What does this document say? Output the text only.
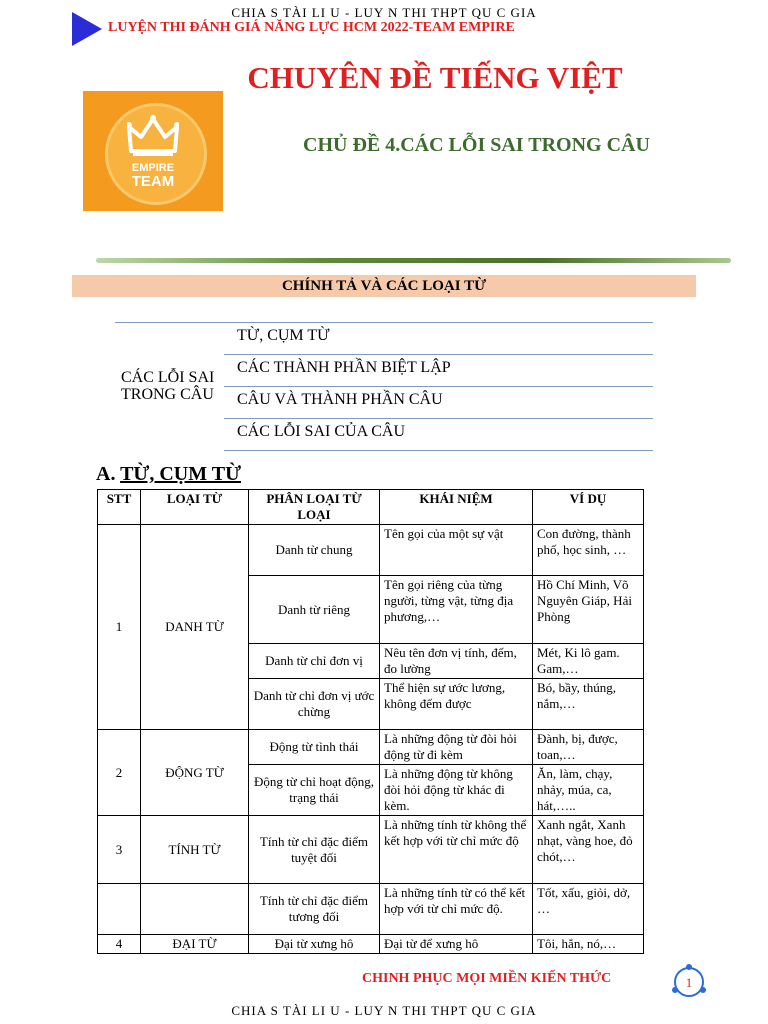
CHIA S TÀI LI U - LUY N THI THPT QU C GIA
LUYỆN THI ĐÁNH GIÁ NĂNG LỰC HCM 2022-TEAM EMPIRE
CHUYÊN ĐỀ TIẾNG VIỆT
EMPIRE
TEAM
CHỦ ĐỀ 4.CÁC LỖI SAI TRONG CÂU
CHÍNH TẢ VÀ CÁC LOẠI TỪ
CÁC LỖI SAI TRONG CÂU
TỪ, CỤM TỪ
CÁC THÀNH PHẦN BIỆT LẬP
CÂU VÀ THÀNH PHẦN CÂU
CÁC LỖI SAI CỦA CÂU
A. TỪ, CỤM TỪ
STT	LOẠI TỪ	PHÂN LOẠI TỪ LOẠI	KHÁI NIỆM	VÍ DỤ
1	DANH TỪ	Danh từ chung	Tên gọi của một sự vật	Con đường, thành phố, học sinh, …
		Danh từ riêng	Tên gọi riêng của từng người, từng vật, từng địa phương,…	Hồ Chí Minh, Võ Nguyên Giáp, Hải Phòng
		Danh từ chỉ đơn vị	Nêu tên đơn vị tính, đếm, đo lường	Mét, Ki lô gam. Gam,…
		Danh từ chỉ đơn vị ước chừng	Thể hiện sự ước lương, không đếm được	Bó, bầy, thúng, nắm,…
2	ĐỘNG TỪ	Động từ tình thái	Là những động từ đòi hỏi động từ đi kèm	Đành, bị, được, toan,…
		Động từ chỉ hoạt động, trạng thái	Là những động từ không đòi hỏi động từ khác đi kèm.	Ăn, làm, chạy, nhảy, múa, ca, hát,…..
3	TÍNH TỪ	Tính từ chỉ đặc điểm tuyệt đối	Là những tính từ không thể kết hợp với từ chỉ mức độ	Xanh ngắt, Xanh nhạt, vàng hoe, đỏ chót,…
		Tính từ chỉ đặc điểm tương đối	Là những tính từ có thể kết hợp với từ chỉ mức độ.	Tốt, xấu, giỏi, dở, …
4	ĐẠI TỪ	Đại từ xưng hô	Đại từ để xưng hô	Tôi, hắn, nó,…
CHINH PHỤC MỌI MIỀN KIẾN THỨC	1
CHIA S TÀI LI U - LUY N THI THPT QU C GIA
